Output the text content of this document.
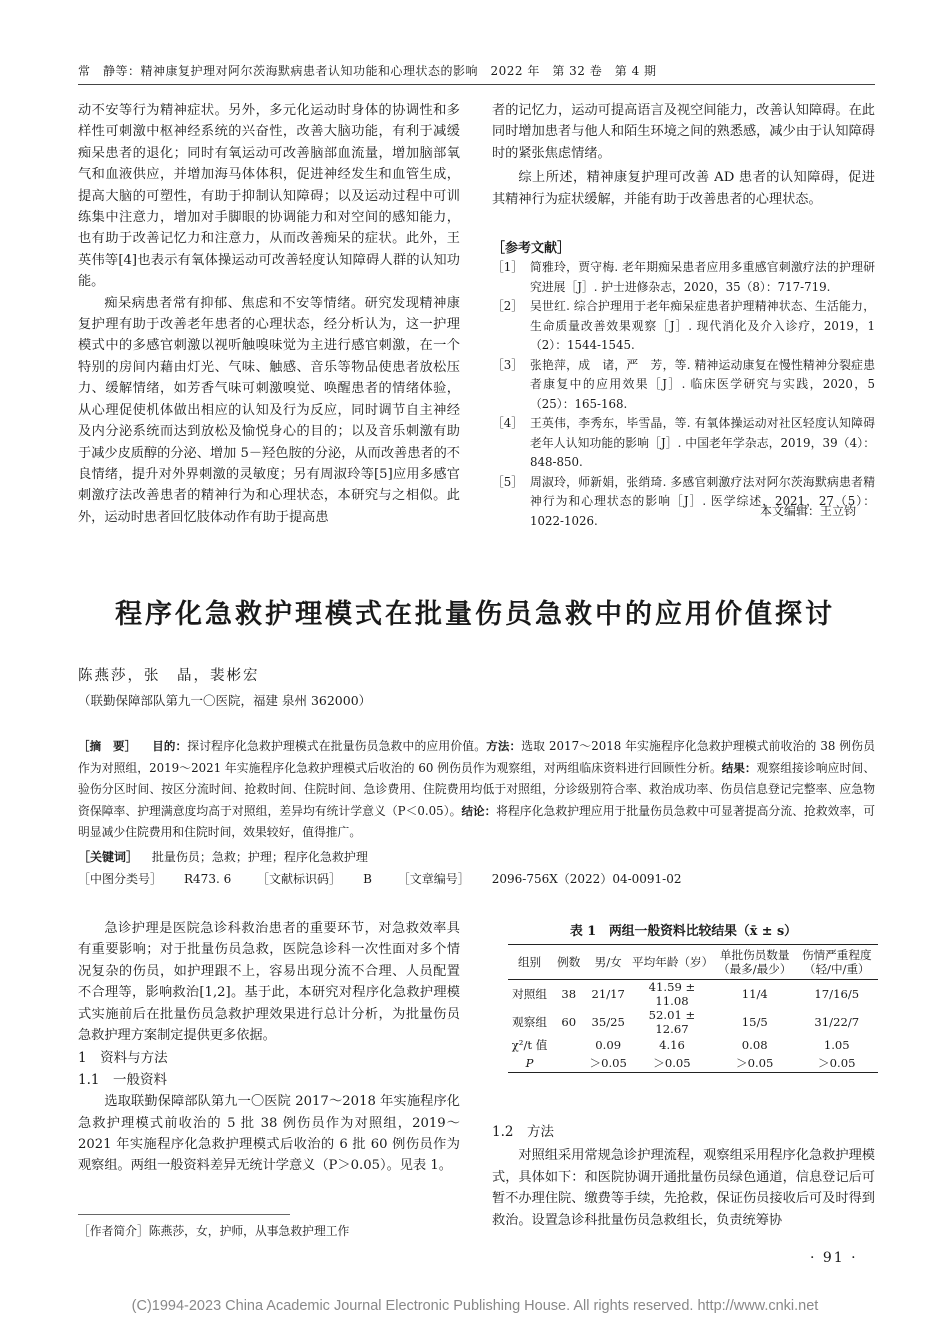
常　静等：精神康复护理对阿尔茨海默病患者认知功能和心理状态的影响　2022 年　第 32 卷　第 4 期

动不安等行为精神症状。另外，多元化运动时身体的协调性和多样性可刺激中枢神经系统的兴奋性，改善大脑功能，有利于减缓痴呆患者的退化；同时有氧运动可改善脑部血流量，增加脑部氧气和血液供应，并增加海马体体积，促进神经发生和血管生成，提高大脑的可塑性，有助于抑制认知障碍；以及运动过程中可训练集中注意力，增加对手脚眼的协调能力和对空间的感知能力，也有助于改善记忆力和注意力，从而改善痴呆的症状。此外，王英伟等[4]也表示有氧体操运动可改善轻度认知障碍人群的认知功能。

痴呆病患者常有抑郁、焦虑和不安等情绪。研究发现精神康复护理有助于改善老年患者的心理状态，经分析认为，这一护理模式中的多感官刺激以视听触嗅味觉为主进行感官刺激，在一个特别的房间内藉由灯光、气味、触感、音乐等物品使患者放松压力、缓解情绪，如芳香气味可刺激嗅觉、唤醒患者的情绪体验，从心理促使机体做出相应的认知及行为反应，同时调节自主神经及内分泌系统而达到放松及愉悦身心的目的；以及音乐刺激有助于减少皮质醇的分泌、增加 5－羟色胺的分泌，从而改善患者的不良情绪，提升对外界刺激的灵敏度；另有周淑玲等[5]应用多感官刺激疗法改善患者的精神行为和心理状态，本研究与之相似。此外，运动时患者回忆肢体动作有助于提高患

者的记忆力，运动可提高语言及视空间能力，改善认知障碍。在此同时增加患者与他人和陌生环境之间的熟悉感，减少由于认知障碍时的紧张焦虑情绪。

综上所述，精神康复护理可改善 AD 患者的认知障碍，促进其精神行为症状缓解，并能有助于改善患者的心理状态。

［参考文献］
［1］ 简雅玲，贾守梅. 老年期痴呆患者应用多重感官刺激疗法的护理研究进展［J］. 护士进修杂志，2020，35（8）：717-719.
［2］ 吴世红. 综合护理用于老年痴呆症患者护理精神状态、生活能力，生命质量改善效果观察［J］. 现代消化及介入诊疗，2019，1（2）：1544-1545.
［3］ 张艳萍，成　诸，严　芳，等. 精神运动康复在慢性精神分裂症患者康复中的应用效果［J］. 临床医学研究与实践，2020，5（25）：165-168.
［4］ 王英伟，李秀东，毕雪晶，等. 有氧体操运动对社区轻度认知障碍老年人认知功能的影响［J］. 中国老年学杂志，2019，39（4）：848-850.
［5］ 周淑玲，师新娟，张绡琦. 多感官刺激疗法对阿尔茨海默病患者精神行为和心理状态的影响［J］. 医学综述，2021，27（5）：1022-1026.
本文编辑：王立钧
程序化急救护理模式在批量伤员急救中的应用价值探讨
陈燕莎，张　晶，裴彬宏
（联勤保障部队第九一〇医院，福建 泉州 362000）
［摘　要］ 目的：探讨程序化急救护理模式在批量伤员急救中的应用价值。方法：选取 2017～2018 年实施程序化急救护理模式前收治的 38 例伤员作为对照组，2019～2021 年实施程序化急救护理模式后收治的 60 例伤员作为观察组，对两组临床资料进行回顾性分析。结果：观察组接诊响应时间、验伤分区时间、按区分流时间、抢救时间、住院时间、急诊费用、住院费用均低于对照组，分诊级别符合率、救治成功率、伤员信息登记完整率、应急物资保障率、护理满意度均高于对照组，差异均有统计学意义（P＜0.05）。结论：将程序化急救护理应用于批量伤员急救中可显著提高分流、抢救效率，可明显减少住院费用和住院时间，效果较好，值得推广。
［关键词］ 批量伤员；急救；护理；程序化急救护理
［中图分类号］ R473. 6 ［文献标识码］ B ［文章编号］ 2096-756X（2022）04-0091-02

急诊护理是医院急诊科救治患者的重要环节，对急救效率具有重要影响；对于批量伤员急救，医院急诊科一次性面对多个情况复杂的伤员，如护理跟不上，容易出现分流不合理、人员配置不合理等，影响救治[1,2]。基于此，本研究对程序化急救护理模式实施前后在批量伤员急救护理效果进行总计分析，为批量伤员急救护理方案制定提供更多依据。

1　资料与方法

1.1　一般资料

选取联勤保障部队第九一〇医院 2017～2018 年实施程序化急救护理模式前收治的 5 批 38 例伤员作为对照组，2019～2021 年实施程序化急救护理模式后收治的 6 批 60 例伤员作为观察组。两组一般资料差异无统计学意义（P＞0.05）。见表 1。

表 1　两组一般资料比较结果（x̄ ± s）
组别	例数	男/女	平均年龄（岁）	单批伤员数量（最多/最少）	伤情严重程度（轻/中/重）
对照组	38	21/17	41.59 ± 11.08	11/4	17/16/5
观察组	60	35/25	52.01 ± 12.67	15/5	31/22/7
χ²/t 值		0.09	4.16	0.08	1.05
P		＞0.05	＞0.05	＞0.05	＞0.05

1.2　方法

对照组采用常规急诊护理流程，观察组采用程序化急救护理模式，具体如下：和医院协调开通批量伤员绿色通道，信息登记后可暂不办理住院、缴费等手续，先抢救，保证伤员接收后可及时得到救治。设置急诊科批量伤员急救组长，负责统筹协

［作者简介］陈燕莎，女，护师，从事急救护理工作
· 91 ·
(C)1994-2023 China Academic Journal Electronic Publishing House. All rights reserved. http://www.cnki.net
